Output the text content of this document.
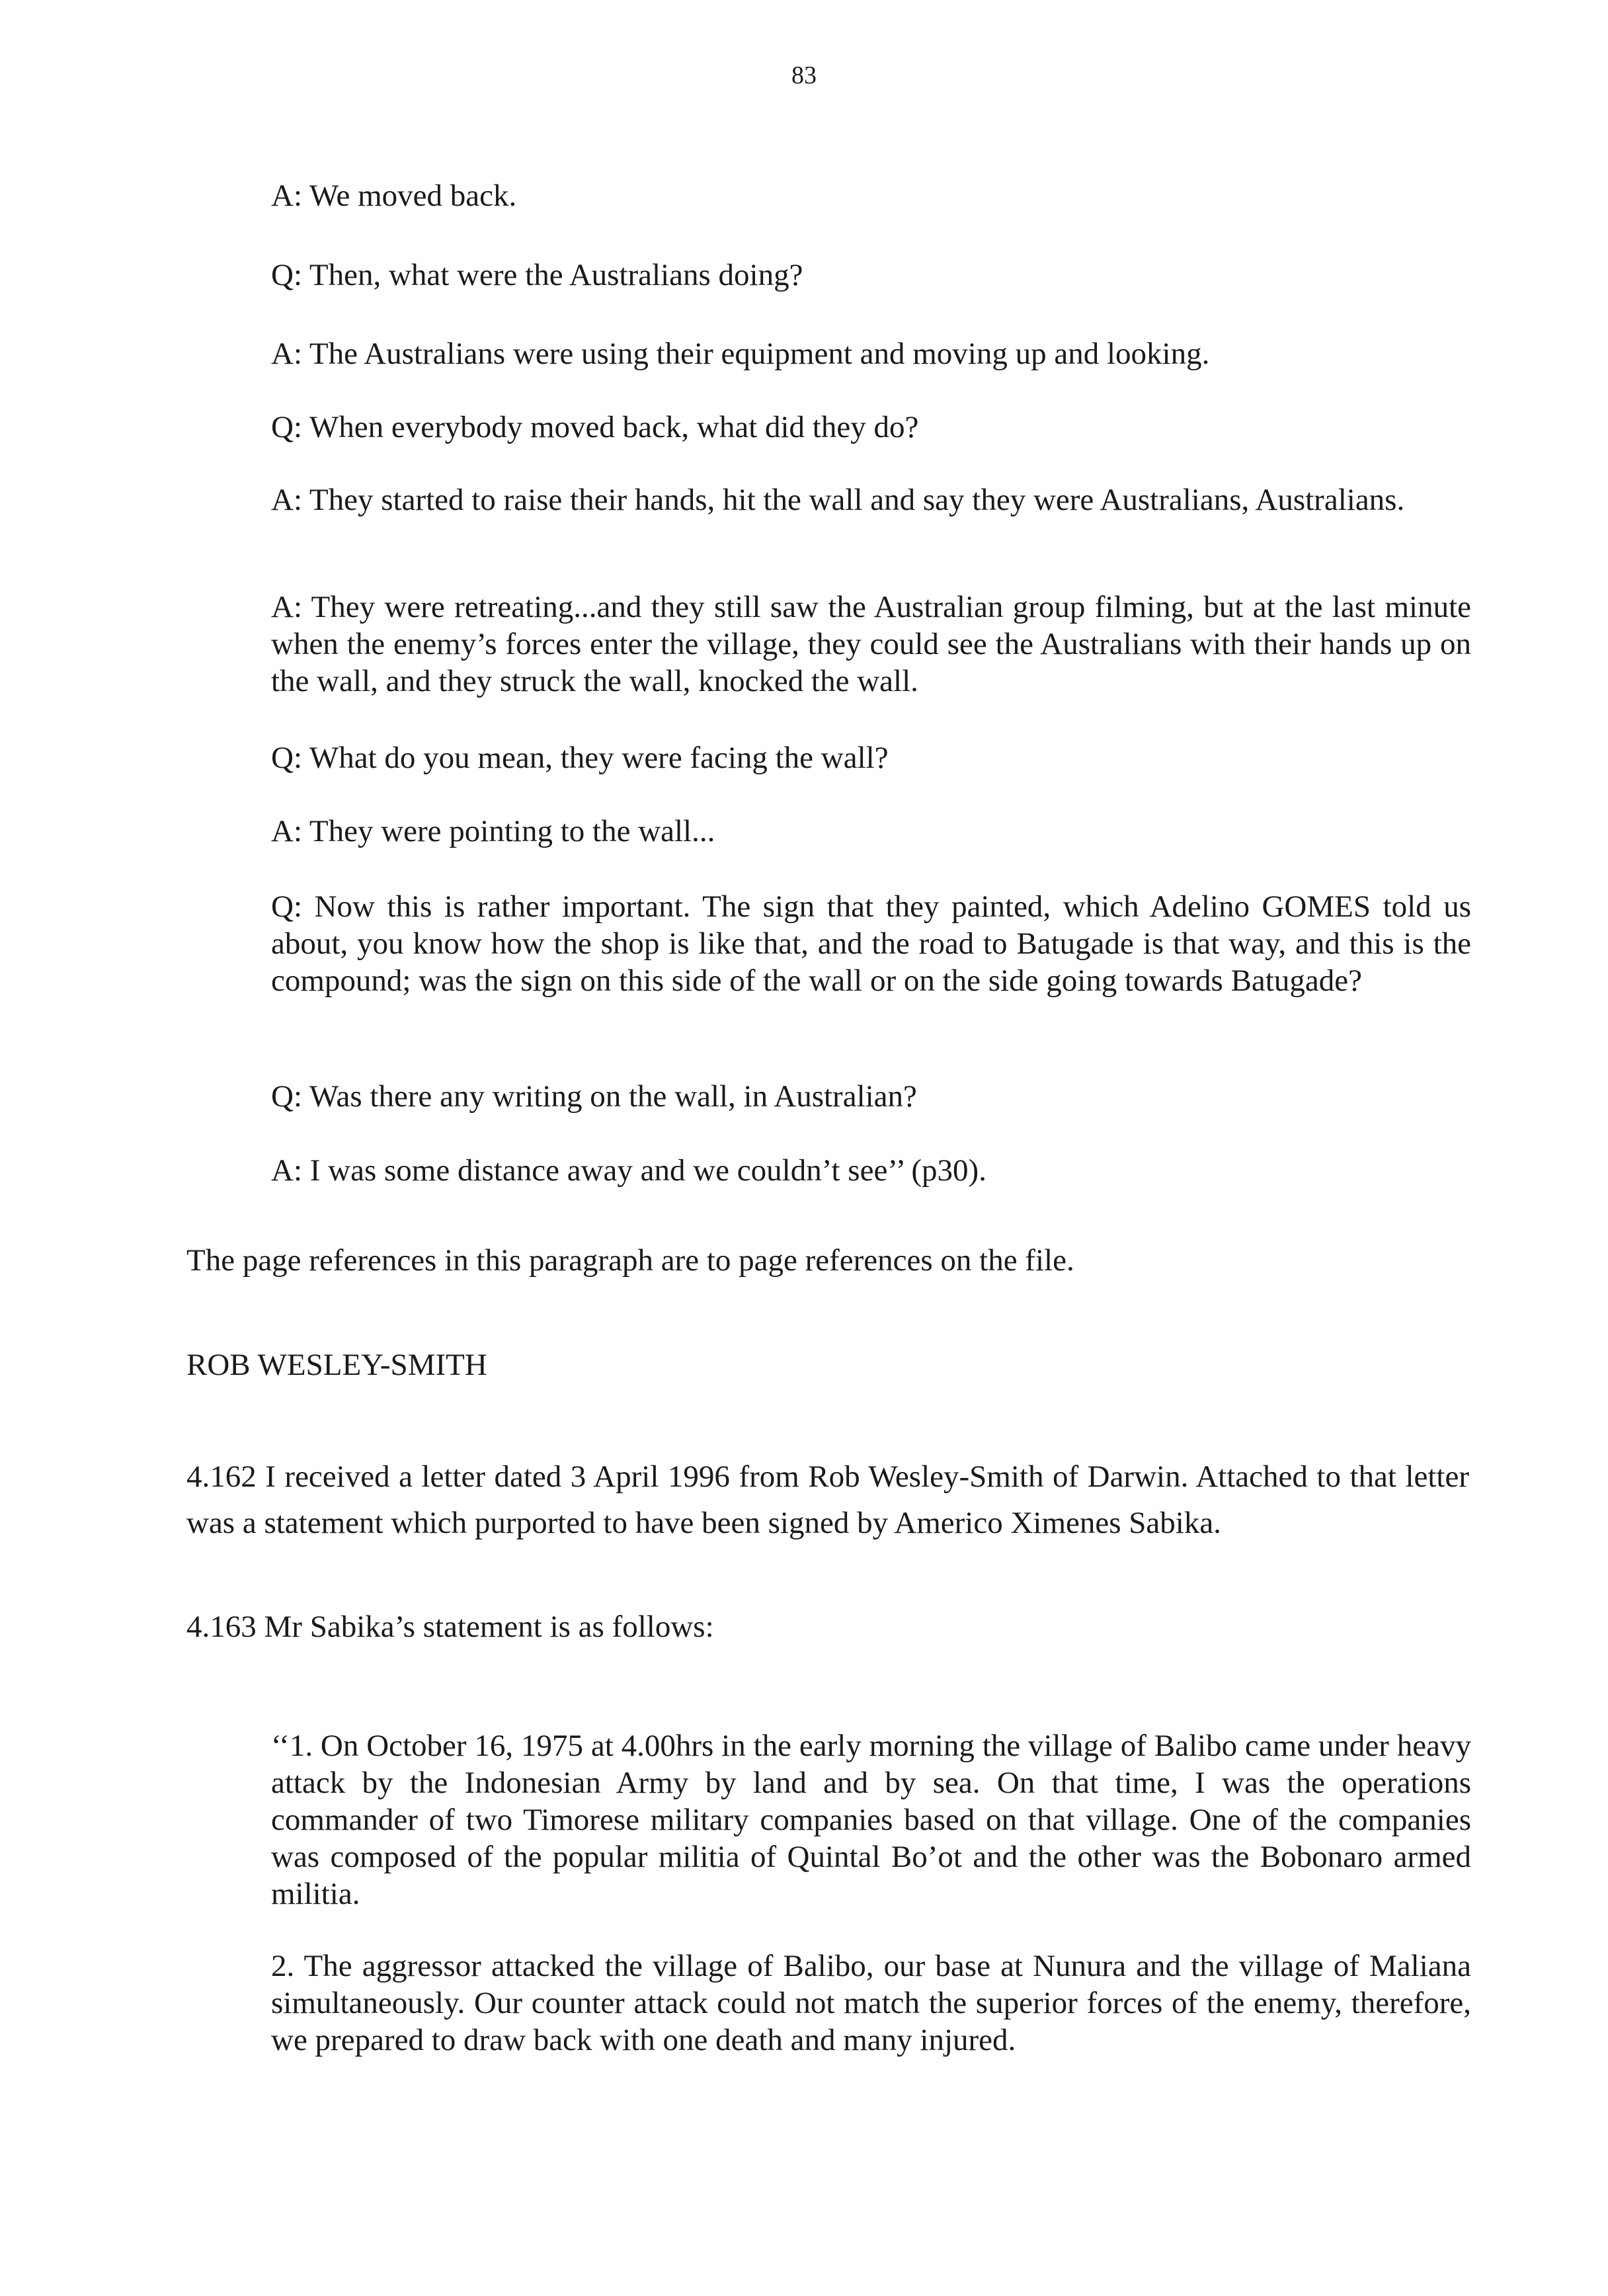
83

A: We moved back.

Q: Then, what were the Australians doing?

A: The Australians were using their equipment and moving up and looking.

Q: When everybody moved back, what did they do?

A: They started to raise their hands, hit the wall and say they were Australians, Australians.

A: They were retreating...and they still saw the Australian group filming, but at the last minute when the enemy’s forces enter the village, they could see the Australians with their hands up on the wall, and they struck the wall, knocked the wall.

Q: What do you mean, they were facing the wall?

A: They were pointing to the wall...

Q: Now this is rather important. The sign that they painted, which Adelino GOMES told us about, you know how the shop is like that, and the road to Batugade is that way, and this is the compound; was the sign on this side of the wall or on the side going towards Batugade?

Q: Was there any writing on the wall, in Australian?

A: I was some distance away and we couldn’t see’’ (p30).

The page references in this paragraph are to page references on the file.

ROB WESLEY-SMITH

4.162 I received a letter dated 3 April 1996 from Rob Wesley-Smith of Darwin. Attached to that letter was a statement which purported to have been signed by Americo Ximenes Sabika.

4.163 Mr Sabika’s statement is as follows:

‘‘1. On October 16, 1975 at 4.00hrs in the early morning the village of Balibo came under heavy attack by the Indonesian Army by land and by sea. On that time, I was the operations commander of two Timorese military companies based on that village. One of the companies was composed of the popular militia of Quintal Bo’ot and the other was the Bobonaro armed militia.

2. The aggressor attacked the village of Balibo, our base at Nunura and the village of Maliana simultaneously. Our counter attack could not match the superior forces of the enemy, therefore, we prepared to draw back with one death and many injured.
